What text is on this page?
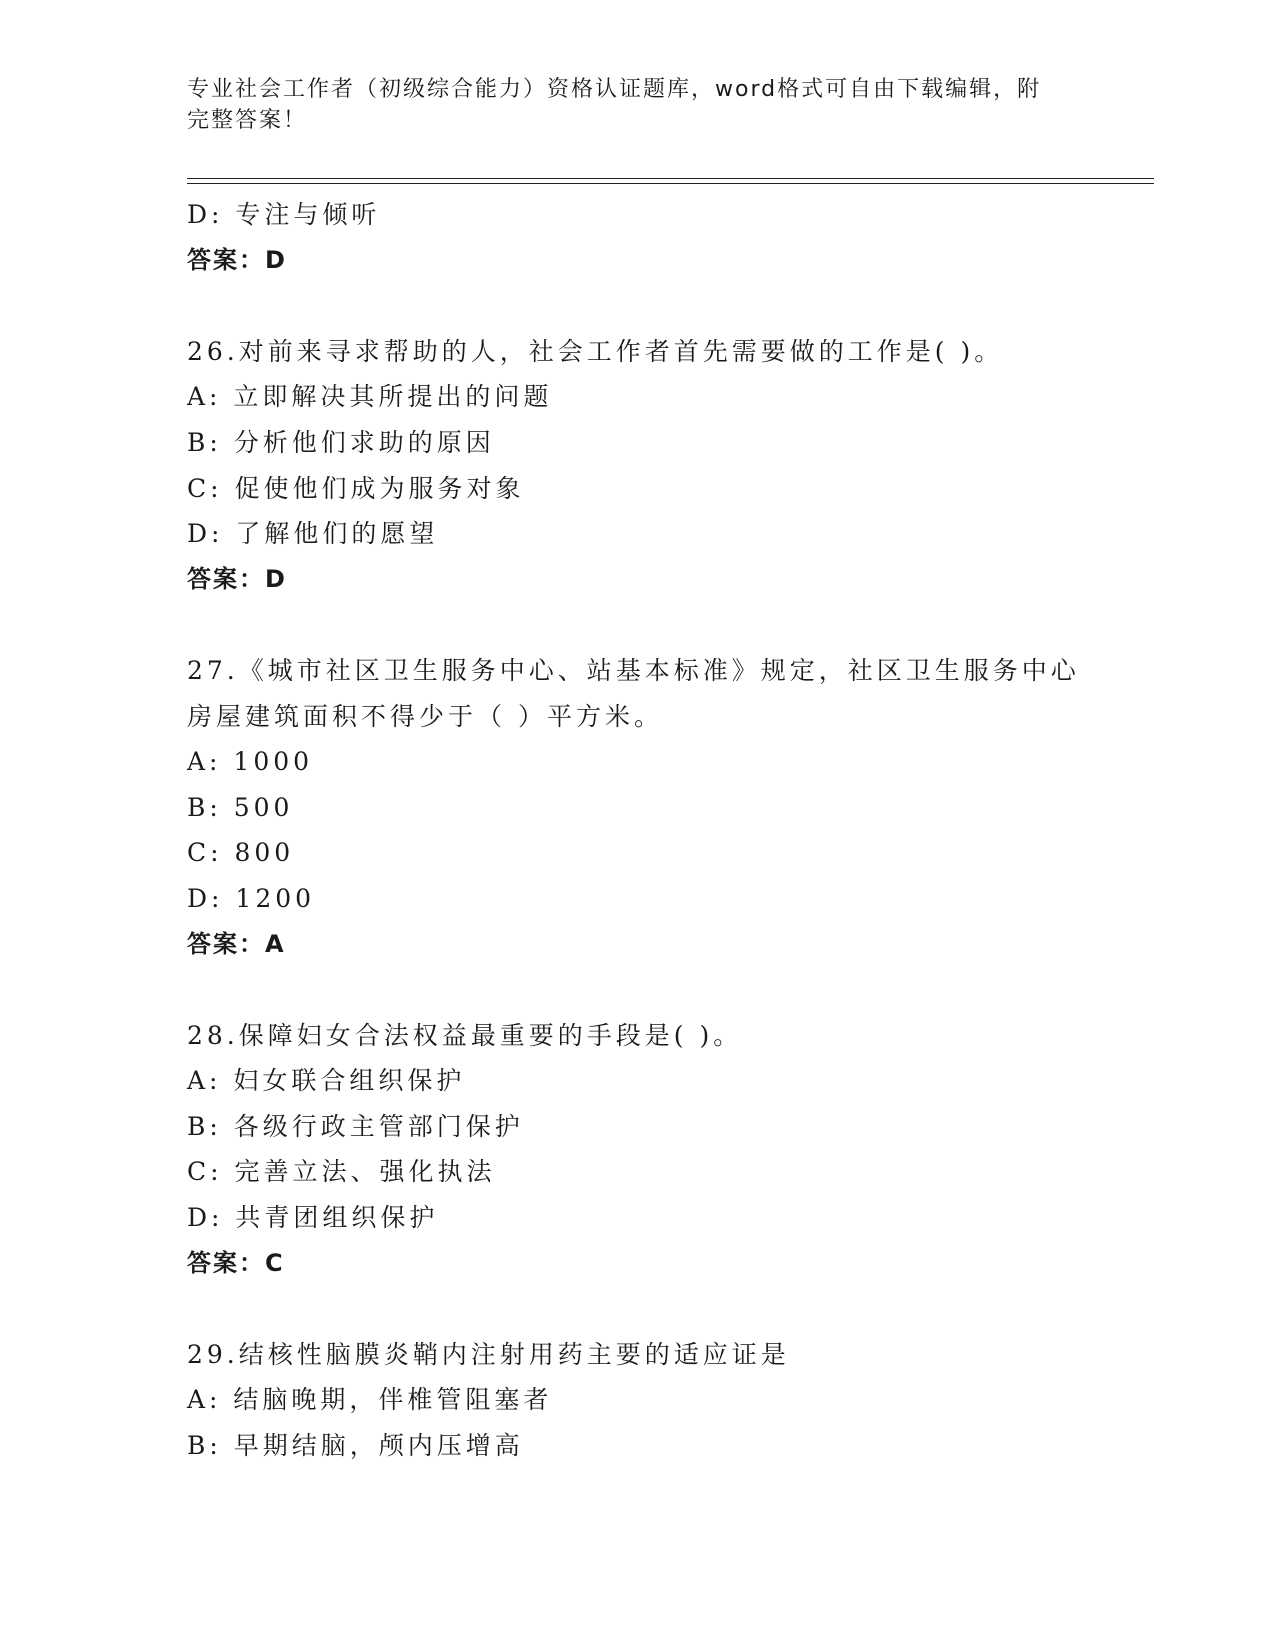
专业社会工作者（初级综合能力）资格认证题库，word格式可自由下载编辑，附
完整答案！
D: 专注与倾听
答案：D
26.对前来寻求帮助的人，社会工作者首先需要做的工作是( )。
A: 立即解决其所提出的问题
B: 分析他们求助的原因
C: 促使他们成为服务对象
D: 了解他们的愿望
答案：D
27.《城市社区卫生服务中心、站基本标准》规定，社区卫生服务中心
房屋建筑面积不得少于（ ）平方米。
A: 1000
B: 500
C: 800
D: 1200
答案：A
28.保障妇女合法权益最重要的手段是( )。
A: 妇女联合组织保护
B: 各级行政主管部门保护
C: 完善立法、强化执法
D: 共青团组织保护
答案：C
29.结核性脑膜炎鞘内注射用药主要的适应证是
A: 结脑晚期，伴椎管阻塞者
B: 早期结脑，颅内压增高
